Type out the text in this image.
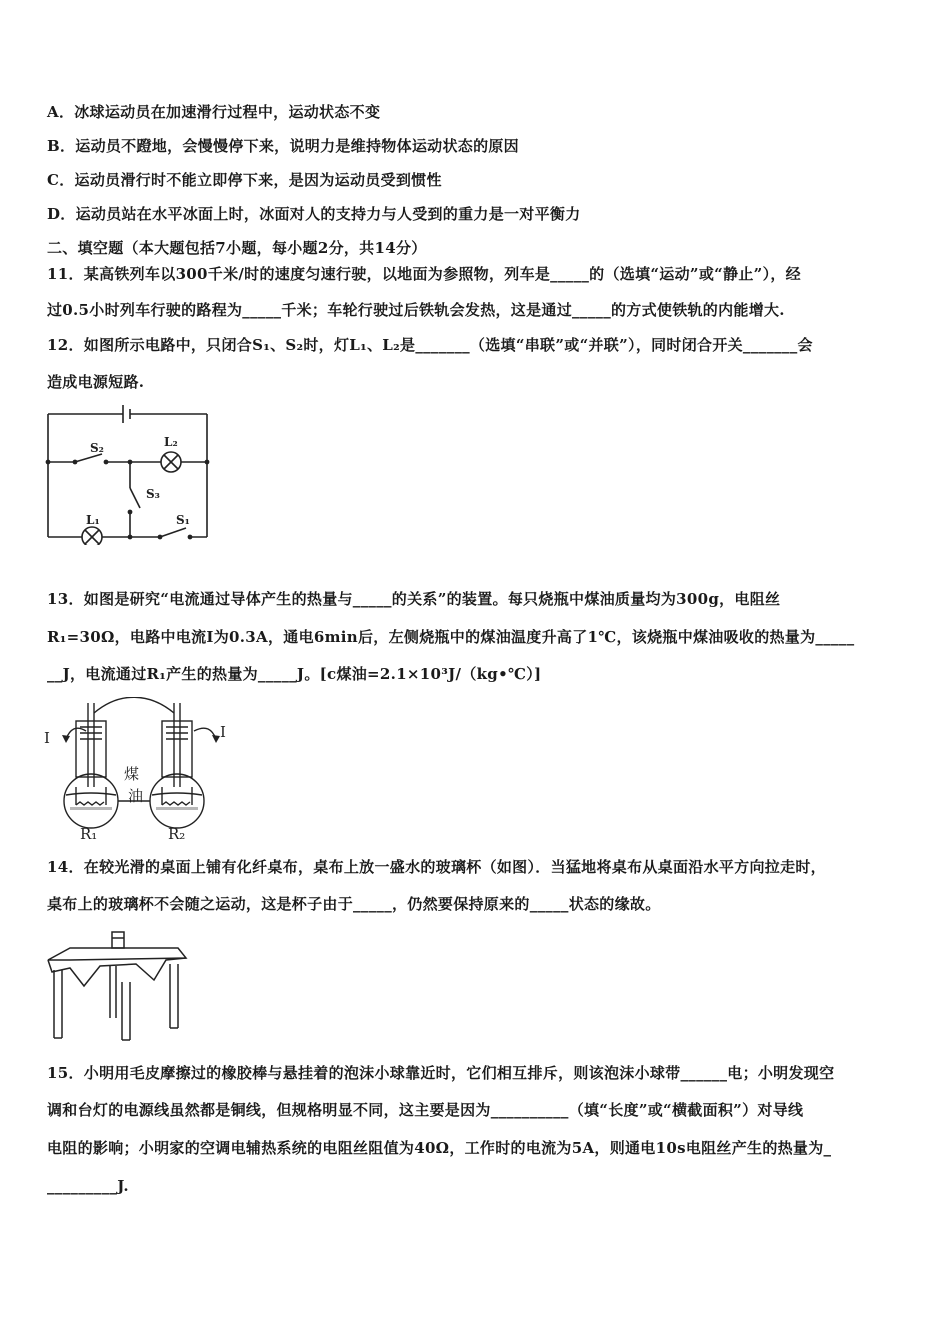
A．冰球运动员在加速滑行过程中，运动状态不变
B．运动员不蹬地，会慢慢停下来，说明力是维持物体运动状态的原因
C．运动员滑行时不能立即停下来，是因为运动员受到惯性
D．运动员站在水平冰面上时，冰面对人的支持力与人受到的重力是一对平衡力
二、填空题（本大题包括7小题，每小题2分，共14分）
11．某高铁列车以300千米/时的速度匀速行驶，以地面为参照物，列车是_____的（选填“运动”或“静止”），经
过0.5小时列车行驶的路程为_____千米；车轮行驶过后铁轨会发热，这是通过_____的方式使铁轨的内能增大.
12．如图所示电路中，只闭合S₁、S₂时，灯L₁、L₂是_______（选填“串联”或“并联”），同时闭合开关_______会
造成电源短路.
S₂	L₂
S₃
L₁	S₁
13．如图是研究“电流通过导体产生的热量与_____的关系”的装置。每只烧瓶中煤油质量均为300g，电阻丝
R₁=30Ω，电路中电流I为0.3A，通电6min后，左侧烧瓶中的煤油温度升高了1℃，该烧瓶中煤油吸收的热量为_____
__J，电流通过R₁产生的热量为_____J。[c煤油=2.1×10³J/（kg•℃）]
I	I
煤
油
R₁	R₂
14．在较光滑的桌面上铺有化纤桌布，桌布上放一盛水的玻璃杯（如图）．当猛地将桌布从桌面沿水平方向拉走时，
桌布上的玻璃杯不会随之运动，这是杯子由于_____，仍然要保持原来的_____状态的缘故。
15．小明用毛皮摩擦过的橡胶棒与悬挂着的泡沫小球靠近时，它们相互排斥，则该泡沫小球带______电；小明发现空
调和台灯的电源线虽然都是铜线，但规格明显不同，这主要是因为__________（填“长度”或“横截面积”）对导线
电阻的影响；小明家的空调电辅热系统的电阻丝阻值为40Ω，工作时的电流为5A，则通电10s电阻丝产生的热量为_
_________J.
